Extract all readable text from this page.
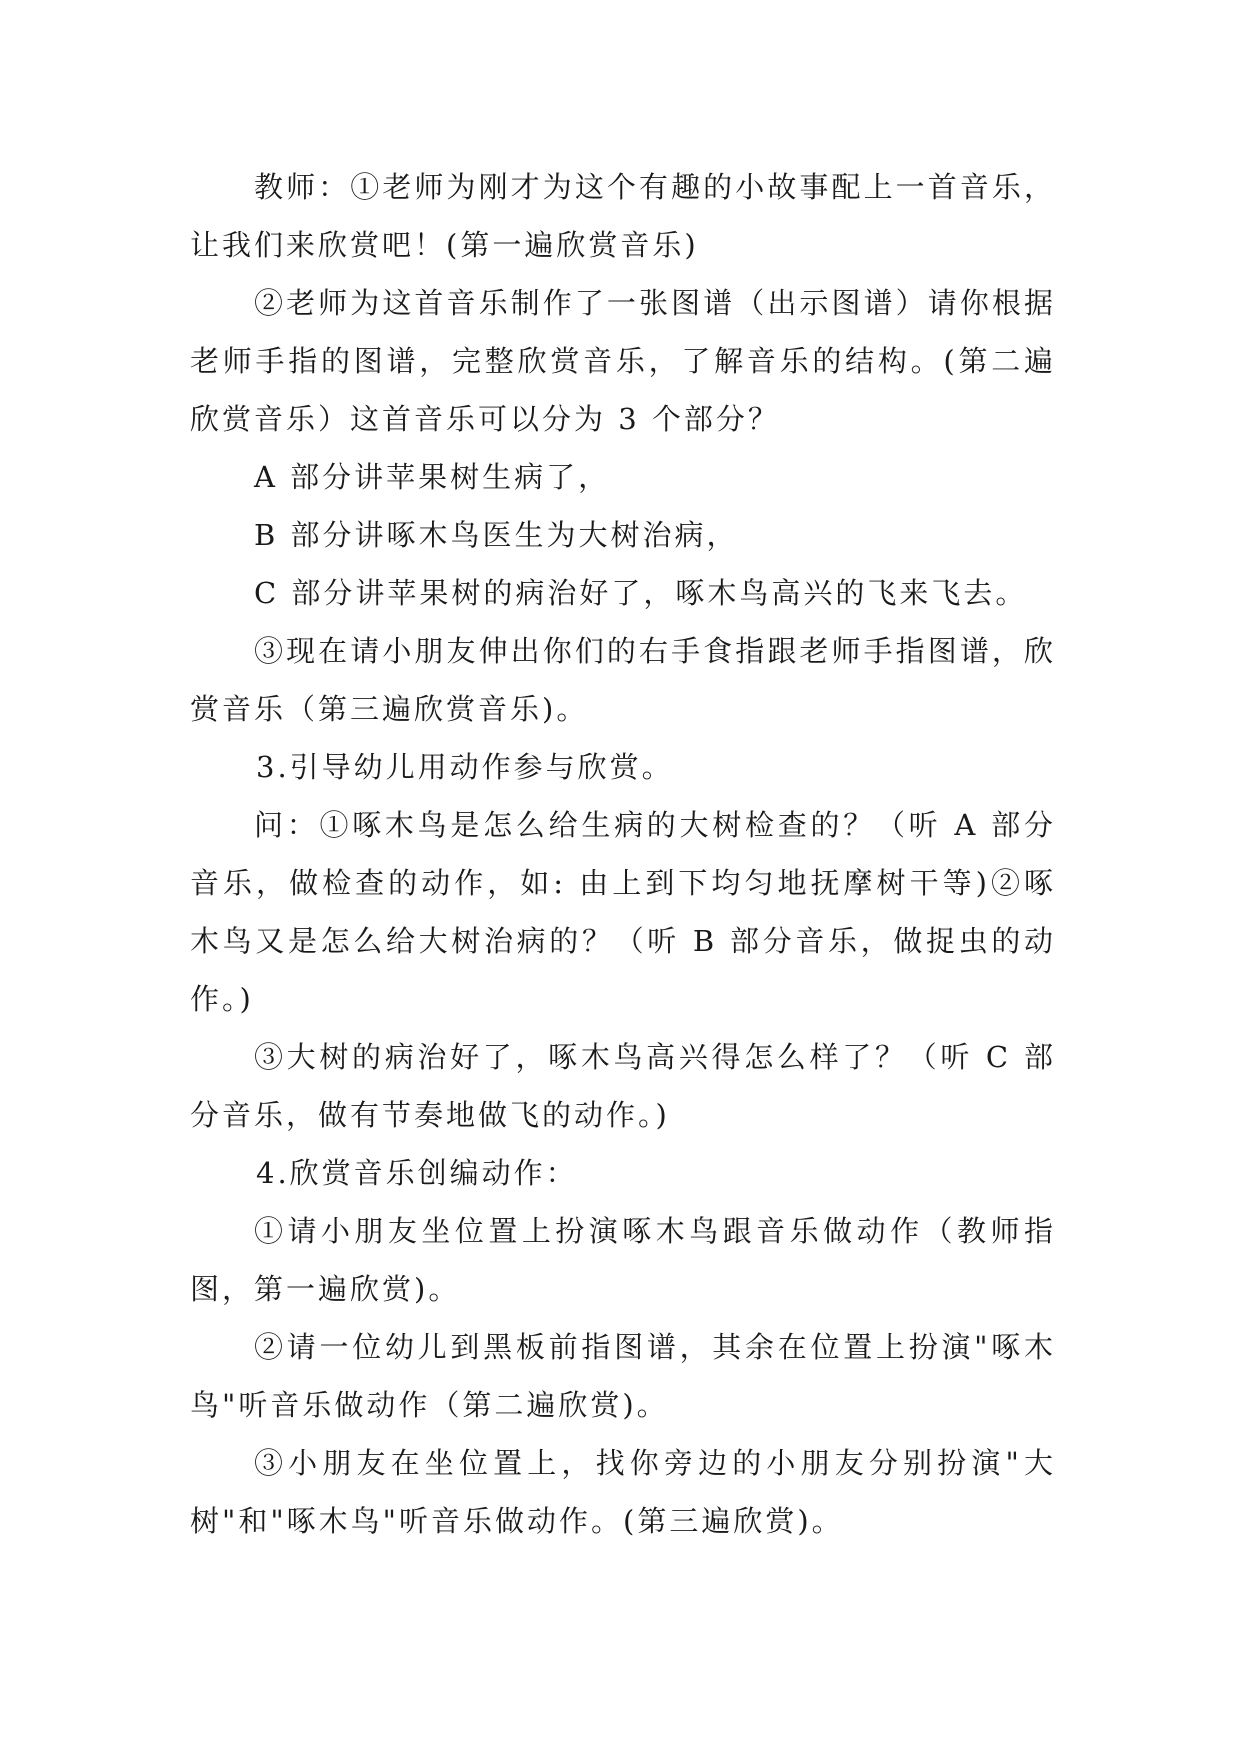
教师：①老师为刚才为这个有趣的小故事配上一首音乐，让我们来欣赏吧！(第一遍欣赏音乐)

②老师为这首音乐制作了一张图谱（出示图谱）请你根据老师手指的图谱，完整欣赏音乐，了解音乐的结构。(第二遍欣赏音乐）这首音乐可以分为 3 个部分？

A 部分讲苹果树生病了，

B 部分讲啄木鸟医生为大树治病，

C 部分讲苹果树的病治好了，啄木鸟高兴的飞来飞去。

③现在请小朋友伸出你们的右手食指跟老师手指图谱，欣赏音乐（第三遍欣赏音乐)。

3.引导幼儿用动作参与欣赏。

问：①啄木鸟是怎么给生病的大树检查的？（听 A 部分音乐，做检查的动作，如: 由上到下均匀地抚摩树干等)②啄木鸟又是怎么给大树治病的？（听 B 部分音乐，做捉虫的动作。)

③大树的病治好了，啄木鸟高兴得怎么样了？（听 C 部分音乐，做有节奏地做飞的动作。)

4.欣赏音乐创编动作：

①请小朋友坐位置上扮演啄木鸟跟音乐做动作（教师指图，第一遍欣赏)。

②请一位幼儿到黑板前指图谱，其余在位置上扮演"啄木鸟"听音乐做动作（第二遍欣赏)。

③小朋友在坐位置上，找你旁边的小朋友分别扮演"大树"和"啄木鸟"听音乐做动作。(第三遍欣赏)。
